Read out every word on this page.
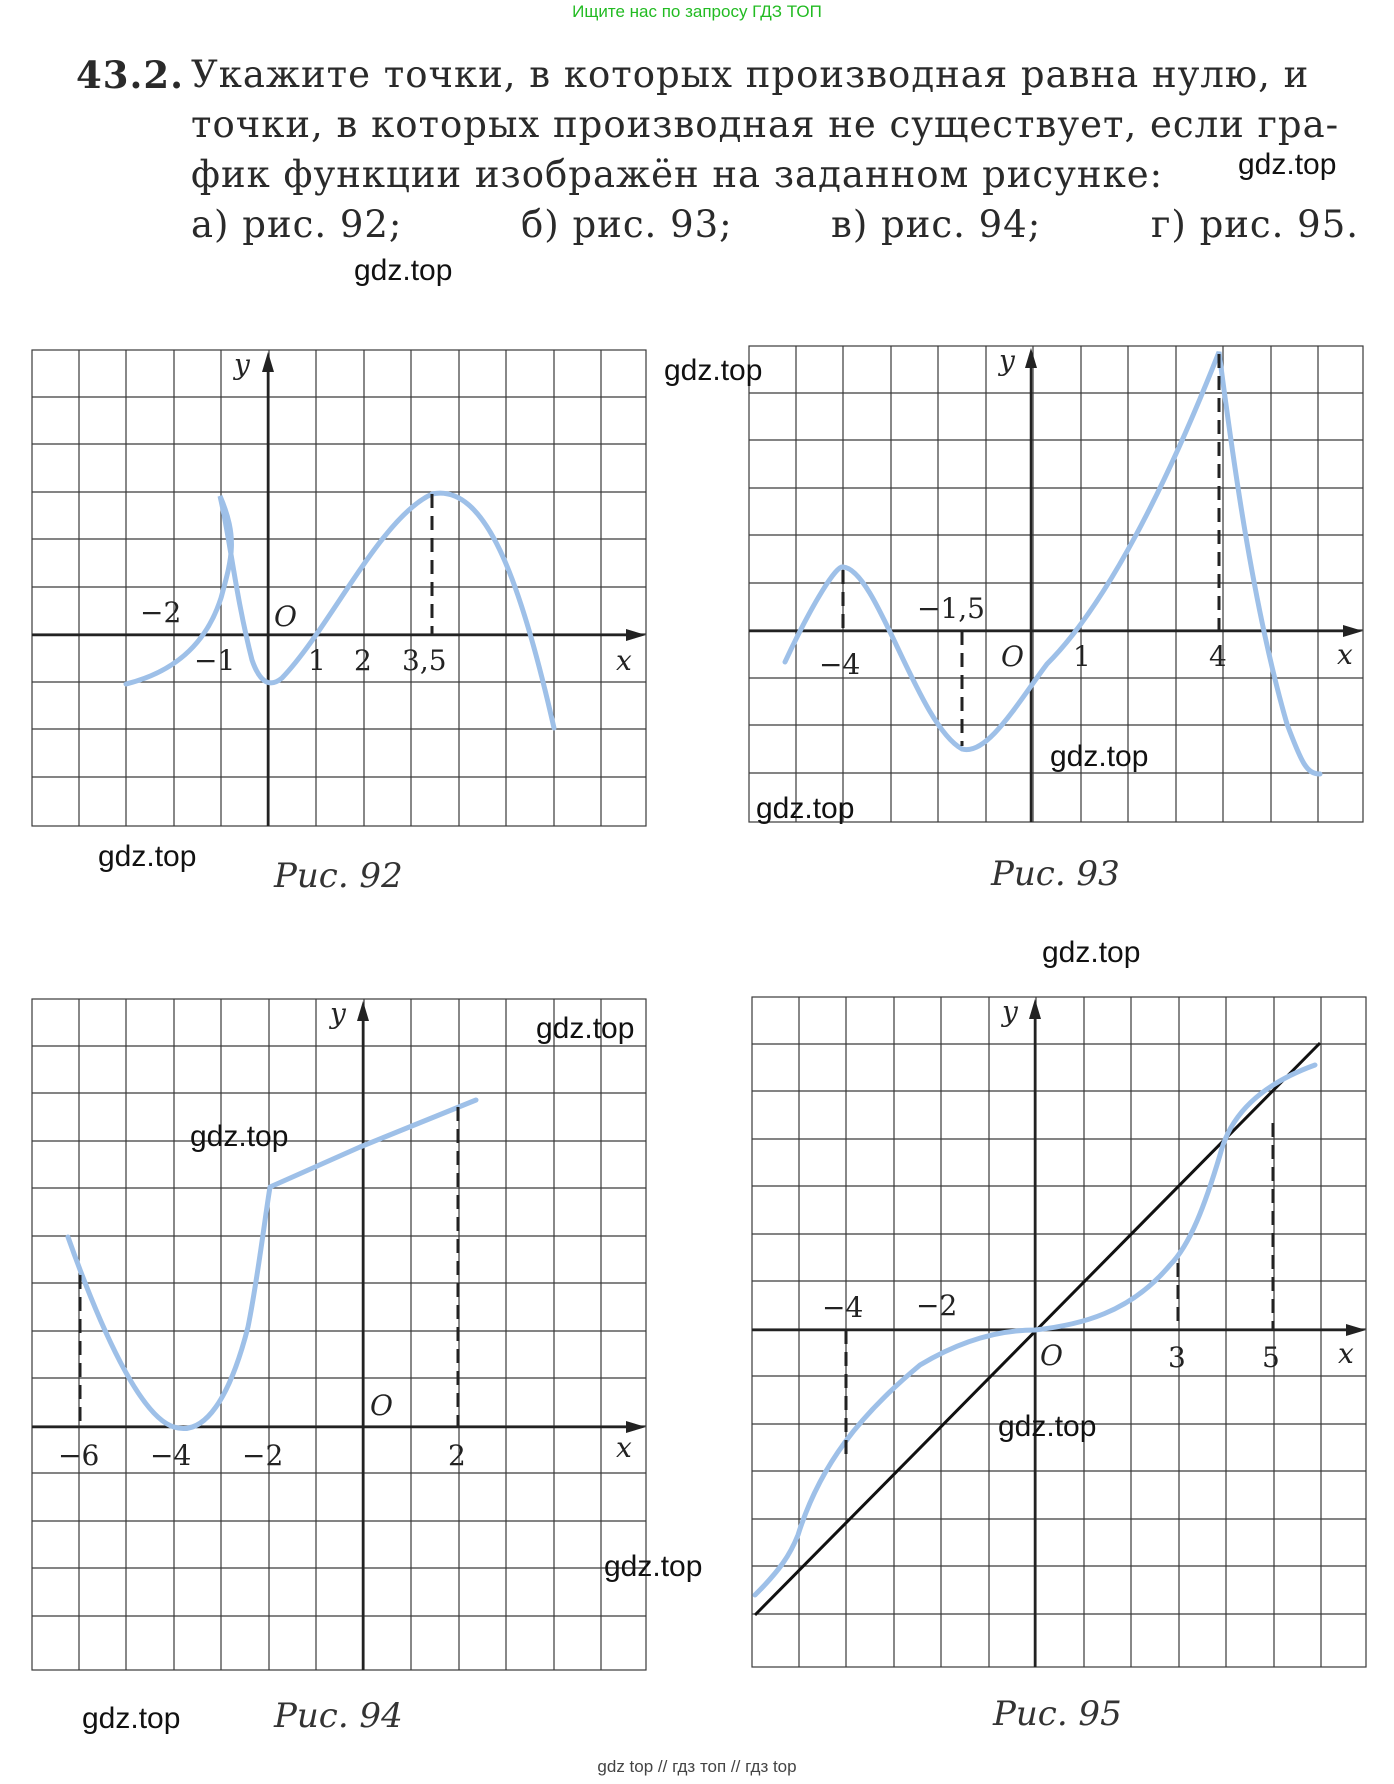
Ищите нас по запросу ГДЗ ТОП
43.2. Укажите точки, в которых производная равна нулю, и
точки, в которых производная не существует, если гра-
фик функции изображён на заданном рисунке:
а) рис. 92;	б) рис. 93;	в) рис. 94;	г) рис. 95.
y
x
O
−2
−1	1 2 3,5
y
x
O
−4
−1,5
1	4
y
x
O
−6 −4 −2	2
y
x
O
−4 −2
3	5
Рис. 92	Рис. 93
Рис. 94	Рис. 95
gdz.top
gdz.top
gdz.top
gdz.top
gdz.top
gdz.top
gdz.top
gdz.top
gdz.top
gdz.top
gdz.top
gdz.top
gdz top // гдз топ // гдз top
